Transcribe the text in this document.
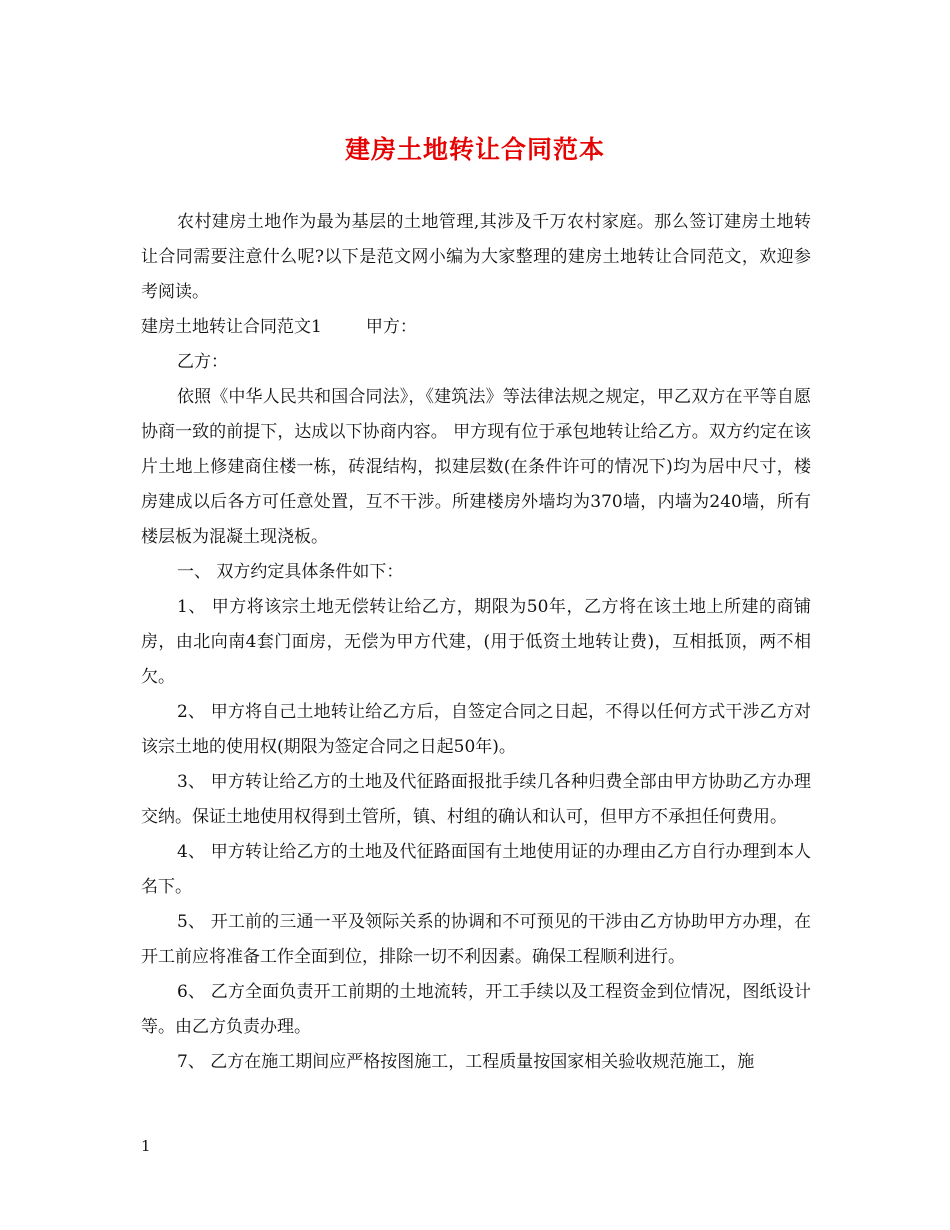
建房土地转让合同范本

农村建房土地作为最为基层的土地管理,其涉及千万农村家庭。那么签订建房土地转让合同需要注意什么呢?以下是范文网小编为大家整理的建房土地转让合同范文，欢迎参考阅读。

建房土地转让合同范文1	甲方：

乙方：

依照《中华人民共和国合同法》，《建筑法》等法律法规之规定，甲乙双方在平等自愿协商一致的前提下，达成以下协商内容。 甲方现有位于承包地转让给乙方。双方约定在该片土地上修建商住楼一栋，砖混结构，拟建层数(在条件许可的情况下)均为居中尺寸，楼房建成以后各方可任意处置，互不干涉。所建楼房外墙均为370墙，内墙为240墙，所有楼层板为混凝土现浇板。

一、 双方约定具体条件如下：

1、 甲方将该宗土地无偿转让给乙方，期限为50年，乙方将在该土地上所建的商铺房，由北向南4套门面房，无偿为甲方代建，(用于低资土地转让费)，互相抵顶，两不相欠。

2、 甲方将自己土地转让给乙方后，自签定合同之日起，不得以任何方式干涉乙方对该宗土地的使用权(期限为签定合同之日起50年)。

3、 甲方转让给乙方的土地及代征路面报批手续几各种归费全部由甲方协助乙方办理交纳。保证土地使用权得到土管所，镇、村组的确认和认可，但甲方不承担任何费用。

4、 甲方转让给乙方的土地及代征路面国有土地使用证的办理由乙方自行办理到本人名下。

5、 开工前的三通一平及领际关系的协调和不可预见的干涉由乙方协助甲方办理，在开工前应将准备工作全面到位，排除一切不利因素。确保工程顺利进行。

6、 乙方全面负责开工前期的土地流转，开工手续以及工程资金到位情况，图纸设计等。由乙方负责办理。

7、 乙方在施工期间应严格按图施工，工程质量按国家相关验收规范施工，施

1
